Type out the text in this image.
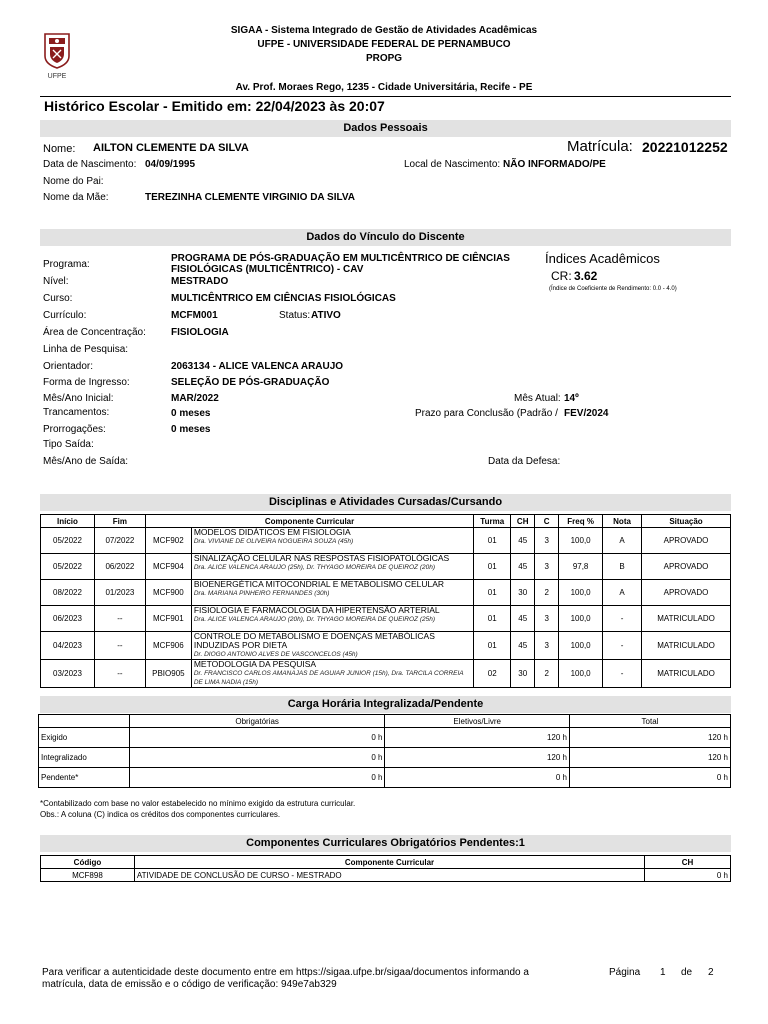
UFPE
SIGAA - Sistema Integrado de Gestão de Atividades Acadêmicas
UFPE - UNIVERSIDADE FEDERAL DE PERNAMBUCO
PROPG
Av. Prof. Moraes Rego, 1235 - Cidade Universitária, Recife - PE
Histórico Escolar - Emitido em: 22/04/2023 às 20:07
Dados Pessoais
Nome: AILTON CLEMENTE DA SILVA	Matrícula: 20221012252
Data de Nascimento: 04/09/1995	Local de Nascimento: NÃO INFORMADO/PE
Nome do Pai:
Nome da Mãe:	TEREZINHA CLEMENTE VIRGINIO DA SILVA
Dados do Vínculo do Discente
Programa:
PROGRAMA DE PÓS-GRADUAÇÃO EM MULTICÊNTRICO DE CIÊNCIAS FISIOLÓGICAS (MULTICÊNTRICO) - CAV
Nível:	MESTRADO
Índices Acadêmicos
CR: 3.62
(Índice de Coeficiente de Rendimento: 0.0 - 4.0)
Curso:	MULTICÊNTRICO EM CIÊNCIAS FISIOLÓGICAS
Currículo:	MCFM001	Status: ATIVO
Área de Concentração:	FISIOLOGIA
Linha de Pesquisa:
Orientador:	2063134 - ALICE VALENCA ARAUJO
Forma de Ingresso:	SELEÇÃO DE PÓS-GRADUAÇÃO
Mês/Ano Inicial:	MAR/2022	Mês Atual: 14º
Trancamentos:	0 meses	Prazo para Conclusão (Padrão / FEV/2024
Prorrogações:	0 meses
Tipo Saída:
Mês/Ano de Saída:	Data da Defesa:
Disciplinas e Atividades Cursadas/Cursando
Início	Fim	Componente Curricular		Turma	CH	C	Freq %	Nota	Situação
05/2022	07/2022	MCF902	MODELOS DIDÁTICOS EM FISIOLOGIA
Dra. VIVIANE DE OLIVEIRA NOGUEIRA SOUZA (45h)	01	45	3	100,0	A	APROVADO
05/2022	06/2022	MCF904	SINALIZAÇÃO CELULAR NAS RESPOSTAS FISIOPATOLÓGICAS
Dra. ALICE VALENCA ARAUJO (25h), Dr. THYAGO MOREIRA DE QUEIROZ (20h)	01	45	3	97,8	B	APROVADO
08/2022	01/2023	MCF900	BIOENERGÉTICA MITOCONDRIAL E METABOLISMO CELULAR
Dra. MARIANA PINHEIRO FERNANDES (30h)	01	30	2	100,0	A	APROVADO
06/2023	--	MCF901	FISIOLOGIA E FARMACOLOGIA DA HIPERTENSÃO ARTERIAL
Dra. ALICE VALENCA ARAUJO (20h), Dr. THYAGO MOREIRA DE QUEIROZ (25h)	01	45	3	100,0	-	MATRICULADO
04/2023	--	MCF906	CONTROLE DO METABOLISMO E DOENÇAS METABÓLICAS INDUZIDAS POR DIETA
Dr. DIOGO ANTONIO ALVES DE VASCONCELOS (45h)	01	45	3	100,0	-	MATRICULADO
03/2023	--	PBIO905	METODOLOGIA DA PESQUISA
Dr. FRANCISCO CARLOS AMANAJAS DE AGUIAR JUNIOR (15h), Dra. TARCILA CORREIA DE LIMA NADIA (15h)	02	30	2	100,0	-	MATRICULADO
Carga Horária Integralizada/Pendente
	Obrigatórias	Eletivos/Livre	Total
Exigido	0 h	120 h	120 h
Integralizado	0 h	120 h	120 h
Pendente*	0 h	0 h	0 h
*Contabilizado com base no valor estabelecido no mínimo exigido da estrutura curricular.
Obs.: A coluna (C) indica os créditos dos componentes curriculares.
Componentes Curriculares Obrigatórios Pendentes:1
Código	Componente Curricular	CH
MCF898	ATIVIDADE DE CONCLUSÃO DE CURSO - MESTRADO	0 h
Para verificar a autenticidade deste documento entre em https://sigaa.ufpe.br/sigaa/documentos informando a
matrícula, data de emissão e o código de verificação: 949e7ab329
Página 1 de 2
